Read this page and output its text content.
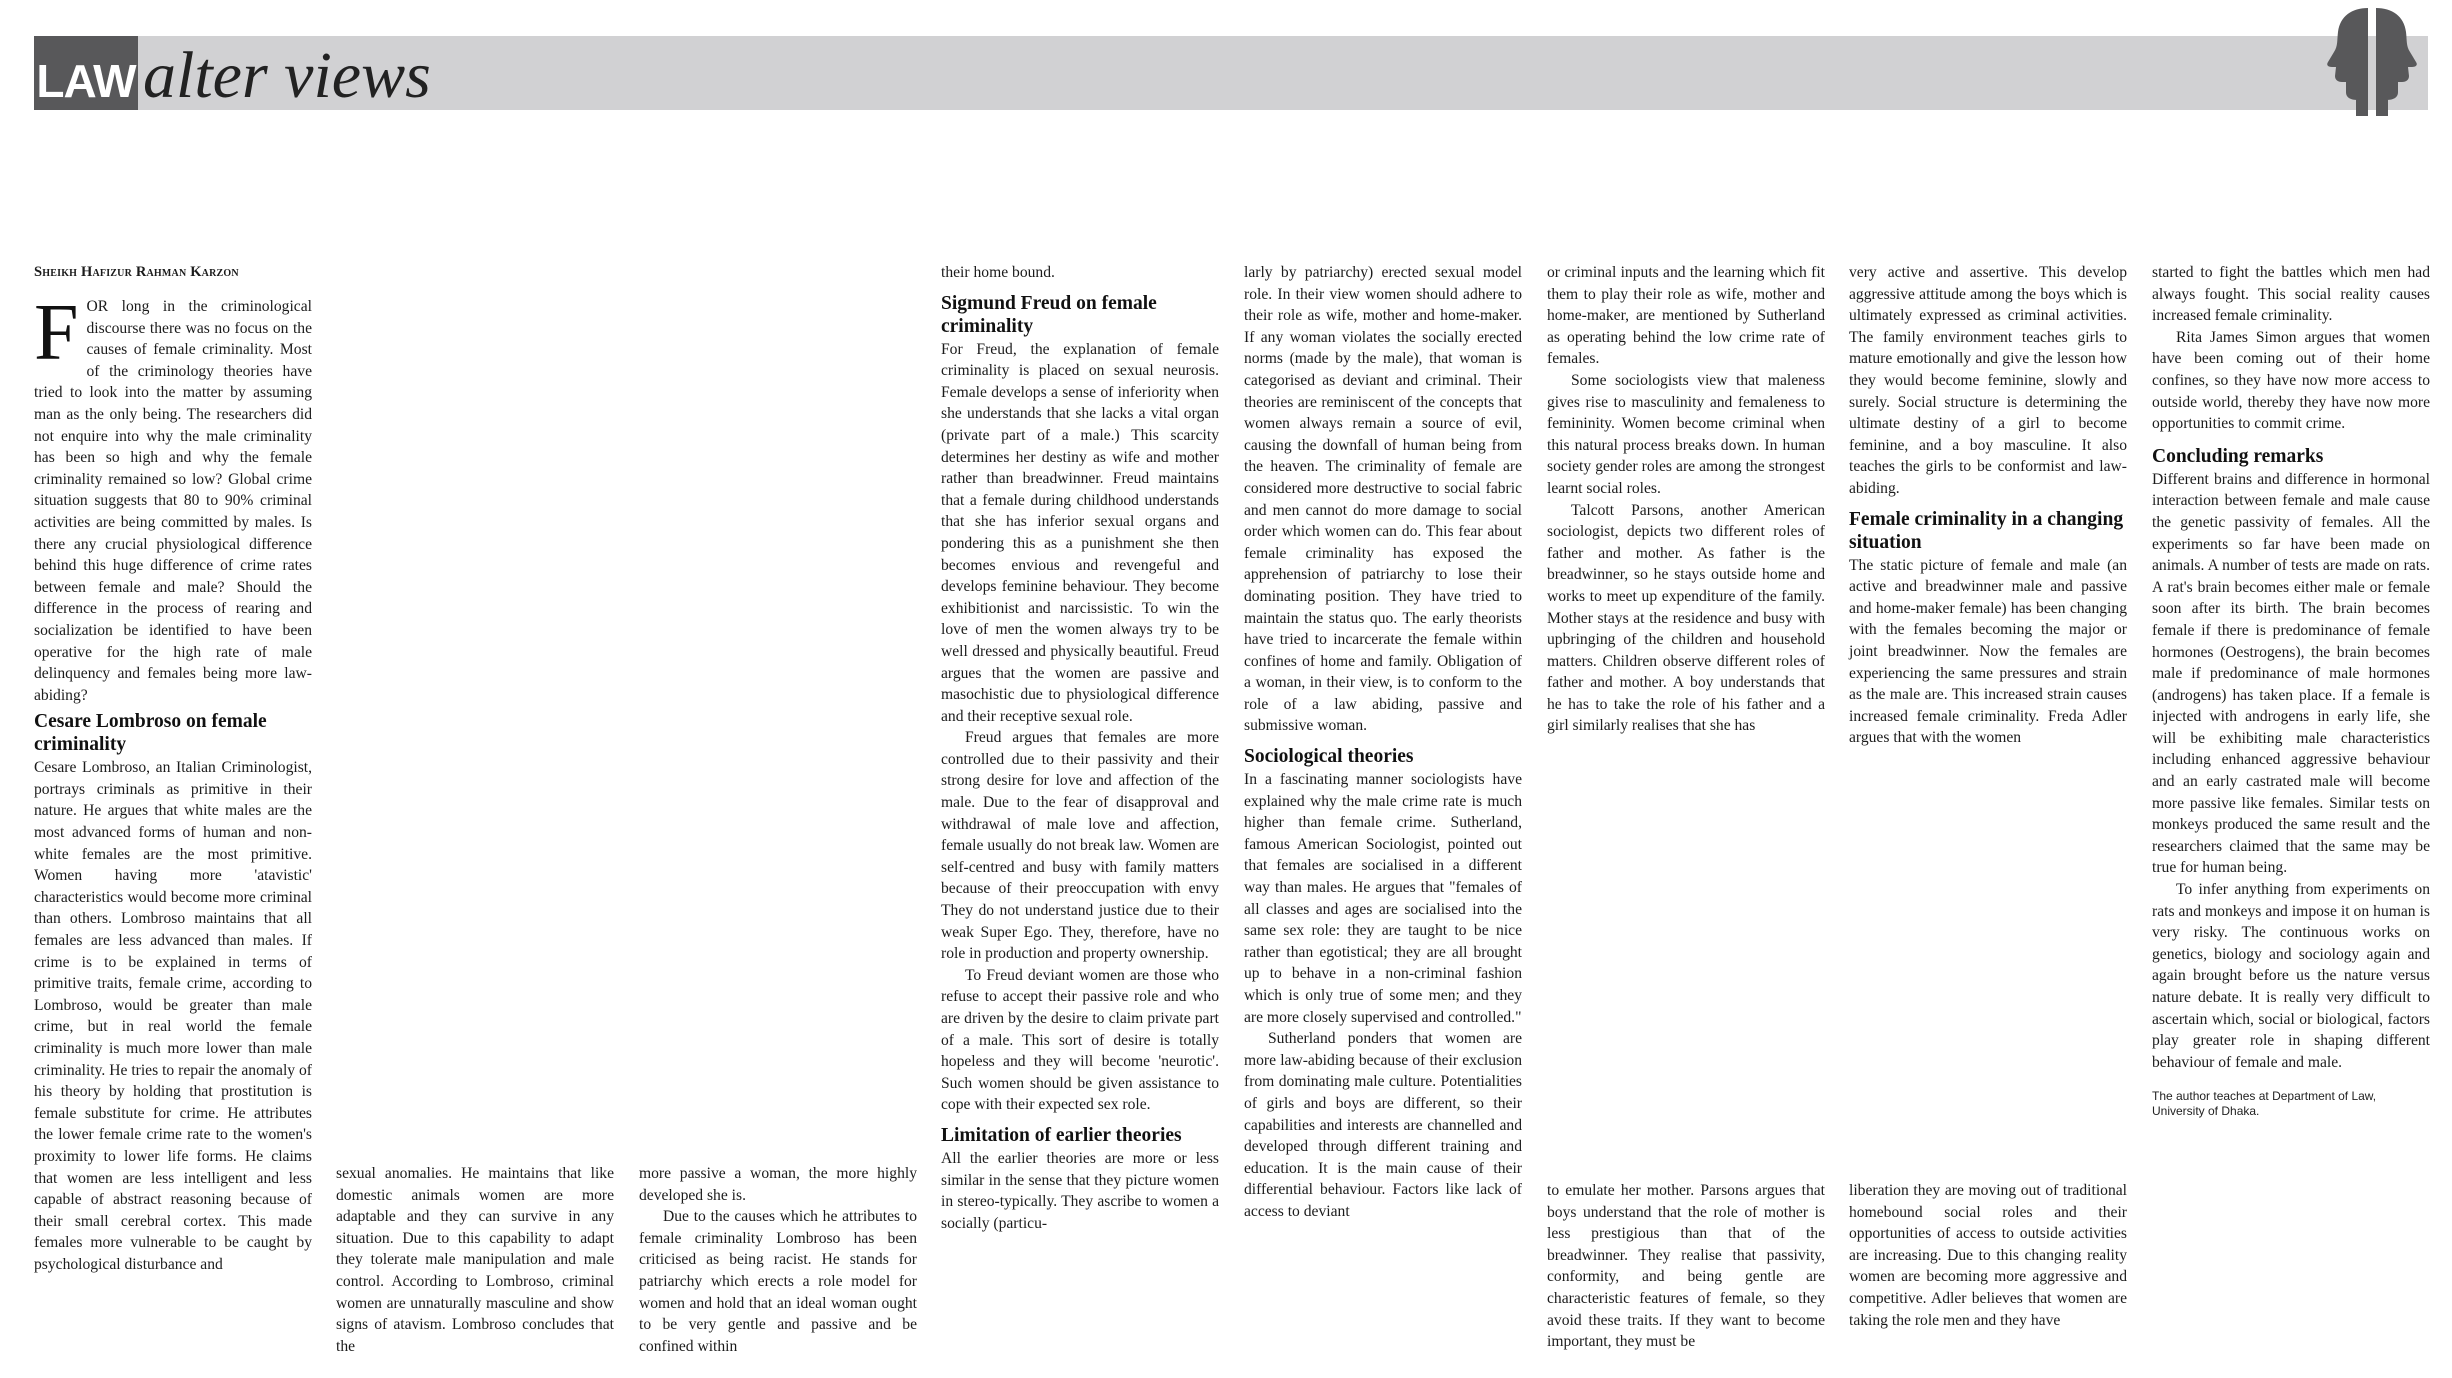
LAW alter views
Sheikh Hafizur Rahman Karzon
F OR long in the criminological discourse there was no focus on the causes of female criminality. Most of the criminology theories have tried to look into the matter by assuming man as the only being. The researchers did not enquire into why the male criminality has been so high and why the female criminality remained so low? Global crime situation suggests that 80 to 90% criminal activities are being committed by males. Is there any crucial physiological difference behind this huge difference of crime rates between female and male? Should the difference in the process of rearing and socialization be identified to have been operative for the high rate of male delinquency and females being more law-abiding?

Cesare Lombroso on female criminality

Cesare Lombroso, an Italian Criminologist, portrays criminals as primitive in their nature. He argues that white males are the most advanced forms of human and non-white females are the most primitive. Women having more 'atavistic' characteristics would become more criminal than others. Lombroso maintains that all females are less advanced than males. If crime is to be explained in terms of primitive traits, female crime, according to Lombroso, would be greater than male crime, but in real world the female criminality is much more lower than male criminality. He tries to repair the anomaly of his theory by holding that prostitution is female substitute for crime. He attributes the lower female crime rate to the women's proximity to lower life forms. He claims that women are less intelligent and less capable of abstract reasoning because of their small cerebral cortex. This made females more vulnerable to be caught by psychological disturbance and

sexual anomalies. He maintains that like domestic animals women are more adaptable and they can survive in any situation. Due to this capability to adapt they tolerate male manipulation and male control. According to Lombroso, criminal women are unnaturally masculine and show signs of atavism. Lombroso concludes that the

more passive a woman, the more highly developed she is.

Due to the causes which he attributes to female criminality Lombroso has been criticised as being racist. He stands for patriarchy which erects a role model for women and hold that an ideal woman ought to be very gentle and passive and be confined within

their home bound.

Sigmund Freud on female criminality

For Freud, the explanation of female criminality is placed on sexual neurosis. Female develops a sense of inferiority when she understands that she lacks a vital organ (private part of a male.) This scarcity determines her destiny as wife and mother rather than breadwinner. Freud maintains that a female during childhood understands that she has inferior sexual organs and pondering this as a punishment she then becomes envious and revengeful and develops feminine behaviour. They become exhibitionist and narcissistic. To win the love of men the women always try to be well dressed and physically beautiful. Freud argues that the women are passive and masochistic due to physiological difference and their receptive sexual role.

Freud argues that females are more controlled due to their passivity and their strong desire for love and affection of the male. Due to the fear of disapproval and withdrawal of male love and affection, female usually do not break law. Women are self-centred and busy with family matters because of their preoccupation with envy They do not understand justice due to their weak Super Ego. They, therefore, have no role in production and property ownership.

To Freud deviant women are those who refuse to accept their passive role and who are driven by the desire to claim private part of a male. This sort of desire is totally hopeless and they will become 'neurotic'. Such women should be given assistance to cope with their expected sex role.

Limitation of earlier theories

All the earlier theories are more or less similar in the sense that they picture women in stereo-typically. They ascribe to women a socially (particu-

larly by patriarchy) erected sexual model role. In their view women should adhere to their role as wife, mother and home-maker. If any woman violates the socially erected norms (made by the male), that woman is categorised as deviant and criminal. Their theories are reminiscent of the concepts that women always remain a source of evil, causing the downfall of human being from the heaven. The criminality of female are considered more destructive to social fabric and men cannot do more damage to social order which women can do. This fear about female criminality has exposed the apprehension of patriarchy to lose their dominating position. They have tried to maintain the status quo. The early theorists have tried to incarcerate the female within confines of home and family. Obligation of a woman, in their view, is to conform to the role of a law abiding, passive and submissive woman.

Sociological theories

In a fascinating manner sociologists have explained why the male crime rate is much higher than female crime. Sutherland, famous American Sociologist, pointed out that females are socialised in a different way than males. He argues that "females of all classes and ages are socialised into the same sex role: they are taught to be nice rather than egotistical; they are all brought up to behave in a non-criminal fashion which is only true of some men; and they are more closely supervised and controlled."

Sutherland ponders that women are more law-abiding because of their exclusion from dominating male culture. Potentialities of girls and boys are different, so their capabilities and interests are channelled and developed through different training and education. It is the main cause of their differential behaviour. Factors like lack of access to deviant

or criminal inputs and the learning which fit them to play their role as wife, mother and home-maker, are mentioned by Sutherland as operating behind the low crime rate of females.

Some sociologists view that maleness gives rise to masculinity and femaleness to femininity. Women become criminal when this natural process breaks down. In human society gender roles are among the strongest learnt social roles.

Talcott Parsons, another American sociologist, depicts two different roles of father and mother. As father is the breadwinner, so he stays outside home and works to meet up expenditure of the family. Mother stays at the residence and busy with upbringing of the children and household matters. Children observe different roles of father and mother. A boy understands that he has to take the role of his father and a girl similarly realises that she has

to emulate her mother. Parsons argues that boys understand that the role of mother is less prestigious than that of the breadwinner. They realise that passivity, conformity, and being gentle are characteristic features of female, so they avoid these traits. If they want to become important, they must be

very active and assertive. This develop aggressive attitude among the boys which is ultimately expressed as criminal activities. The family environment teaches girls to mature emotionally and give the lesson how they would become feminine, slowly and surely. Social structure is determining the ultimate destiny of a girl to become feminine, and a boy masculine. It also teaches the girls to be conformist and law-abiding.

Female criminality in a changing situation

The static picture of female and male (an active and breadwinner male and passive and home-maker female) has been changing with the females becoming the major or joint breadwinner. Now the females are experiencing the same pressures and strain as the male are. This increased strain causes increased female criminality. Freda Adler argues that with the women

liberation they are moving out of traditional homebound social roles and their opportunities of access to outside activities are increasing. Due to this changing reality women are becoming more aggressive and competitive. Adler believes that women are taking the role men and they have

started to fight the battles which men had always fought. This social reality causes increased female criminality.

Rita James Simon argues that women have been coming out of their home confines, so they have now more access to outside world, thereby they have now more opportunities to commit crime.

Concluding remarks

Different brains and difference in hormonal interaction between female and male cause the genetic passivity of females. All the experiments so far have been made on animals. A number of tests are made on rats. A rat's brain becomes either male or female soon after its birth. The brain becomes female if there is predominance of female hormones (Oestrogens), the brain becomes male if predominance of male hormones (androgens) has taken place. If a female is injected with androgens in early life, she will be exhibiting male characteristics including enhanced aggressive behaviour and an early castrated male will become more passive like females. Similar tests on monkeys produced the same result and the researchers claimed that the same may be true for human being.

To infer anything from experiments on rats and monkeys and impose it on human is very risky. The continuous works on genetics, biology and sociology again and again brought before us the nature versus nature debate. It is really very difficult to ascertain which, social or biological, factors play greater role in shaping different behaviour of female and male.

The author teaches at Department of Law, University of Dhaka.
